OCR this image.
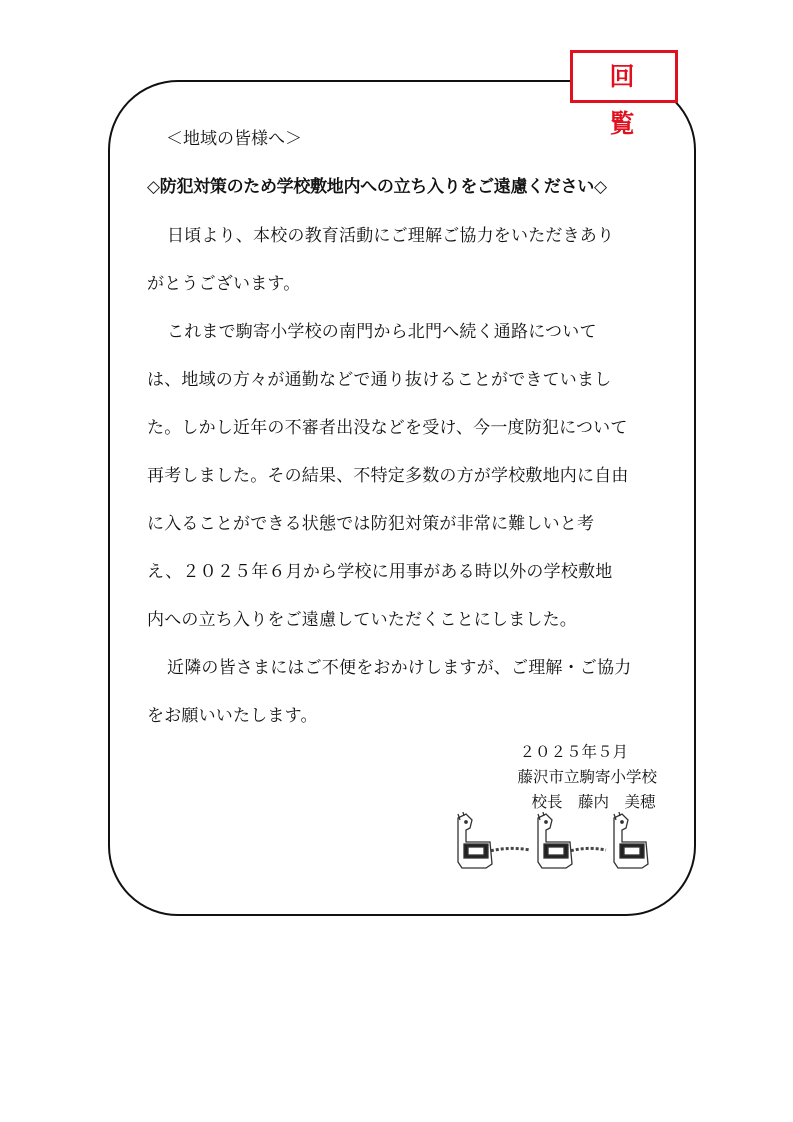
回 覧
＜地域の皆様へ＞
◇防犯対策のため学校敷地内への立ち入りをご遠慮ください◇
日頃より、本校の教育活動にご理解ご協力をいただきあり
がとうございます。
これまで駒寄小学校の南門から北門へ続く通路について
は、地域の方々が通勤などで通り抜けることができていまし
た。しかし近年の不審者出没などを受け、今一度防犯について
再考しました。その結果、不特定多数の方が学校敷地内に自由
に入ることができる状態では防犯対策が非常に難しいと考
え、２０２５年６月から学校に用事がある時以外の学校敷地
内への立ち入りをご遠慮していただくことにしました。
近隣の皆さまにはご不便をおかけしますが、ご理解・ご協力
をお願いいたします。
２０２５年５月
藤沢市立駒寄小学校
校長　藤内　美穂
